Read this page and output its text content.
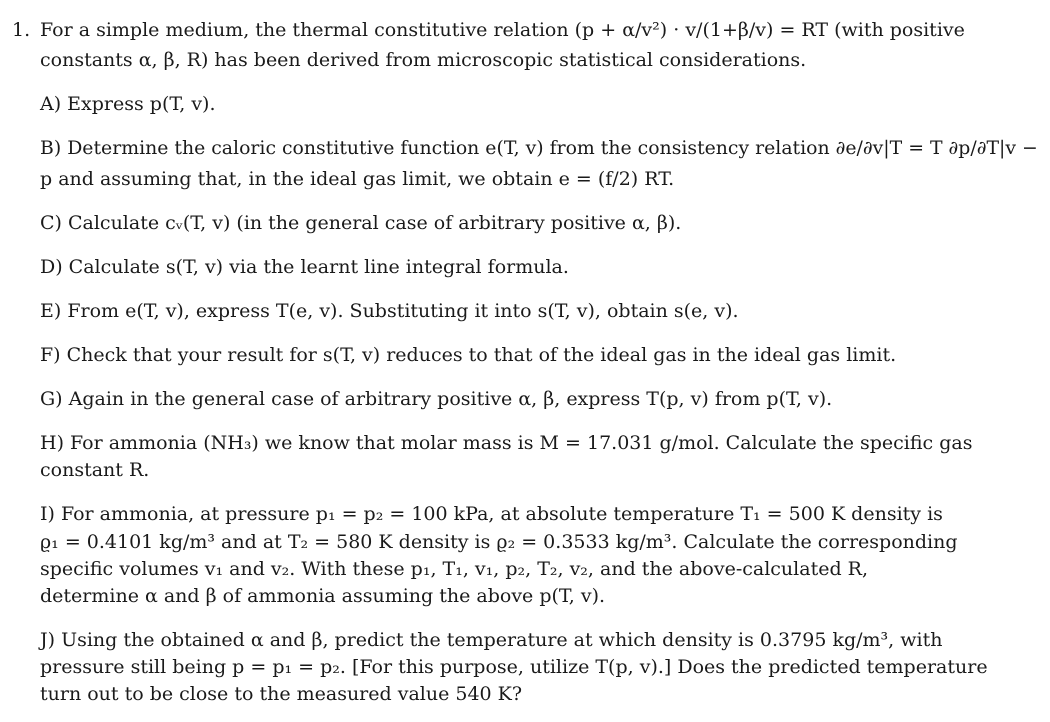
1. For a simple medium, the thermal constitutive relation (p + α/v²) · v/(1+β/v) = RT (with positive
constants α, β, R) has been derived from microscopic statistical considerations.
A) Express p(T, v).
B) Determine the caloric constitutive function e(T, v) from the consistency relation ∂e/∂v|T = T ∂p/∂T|v −
p and assuming that, in the ideal gas limit, we obtain e = (f/2) RT.
C) Calculate cᵥ(T, v) (in the general case of arbitrary positive α, β).
D) Calculate s(T, v) via the learnt line integral formula.
E) From e(T, v), express T(e, v). Substituting it into s(T, v), obtain s(e, v).
F) Check that your result for s(T, v) reduces to that of the ideal gas in the ideal gas limit.
G) Again in the general case of arbitrary positive α, β, express T(p, v) from p(T, v).
H) For ammonia (NH₃) we know that molar mass is M = 17.031 g/mol. Calculate the specific gas
constant R.
I) For ammonia, at pressure p₁ = p₂ = 100 kPa, at absolute temperature T₁ = 500 K density is
ϱ₁ = 0.4101 kg/m³ and at T₂ = 580 K density is ϱ₂ = 0.3533 kg/m³. Calculate the corresponding
specific volumes v₁ and v₂. With these p₁, T₁, v₁, p₂, T₂, v₂, and the above-calculated R,
determine α and β of ammonia assuming the above p(T, v).
J) Using the obtained α and β, predict the temperature at which density is 0.3795 kg/m³, with
pressure still being p = p₁ = p₂. [For this purpose, utilize T(p, v).] Does the predicted temperature
turn out to be close to the measured value 540 K?
